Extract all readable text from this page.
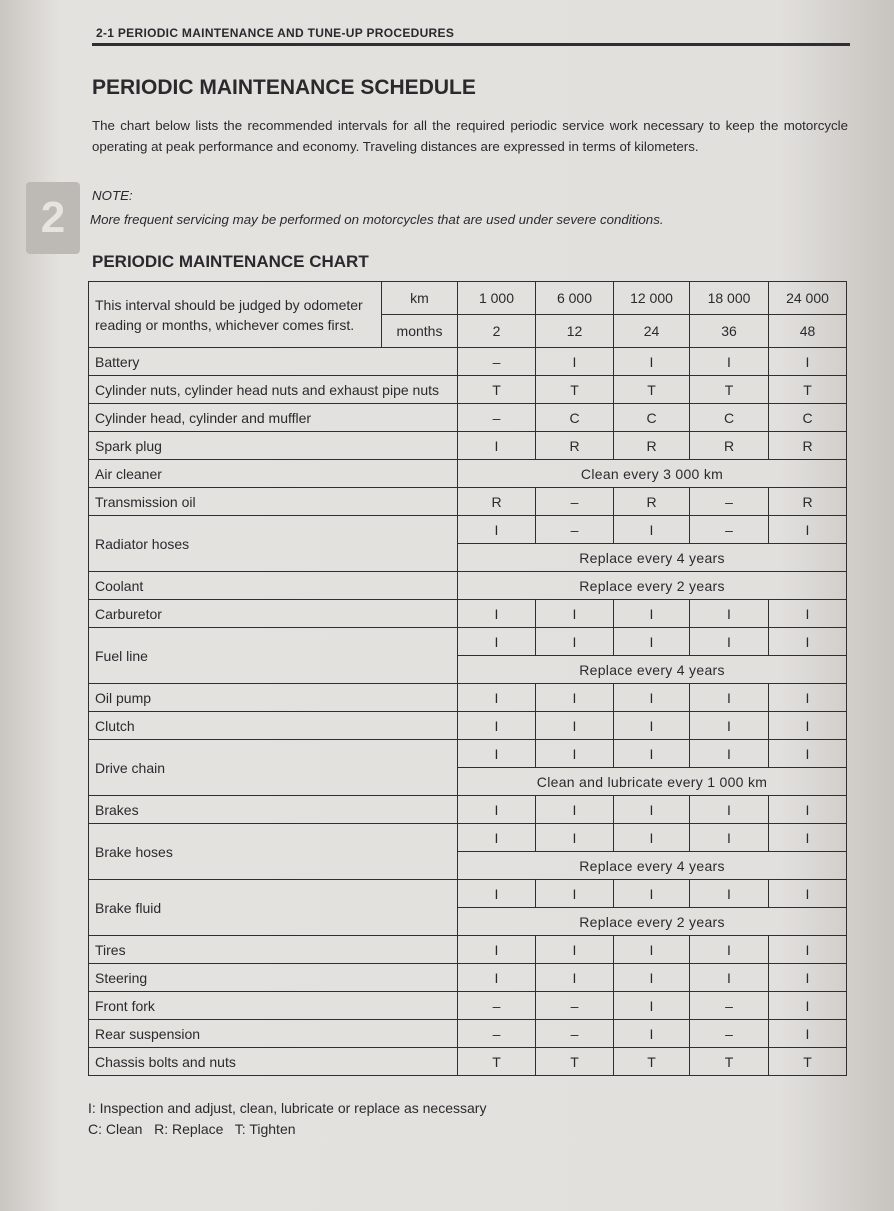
2
2-1 PERIODIC MAINTENANCE AND TUNE-UP PROCEDURES
PERIODIC MAINTENANCE SCHEDULE

The chart below lists the recommended intervals for all the required periodic service work necessary to keep the motorcycle operating at peak performance and economy. Traveling distances are expressed in terms of kilometers.

NOTE:
More frequent servicing may be performed on motorcycles that are used under severe conditions.
PERIODIC MAINTENANCE CHART
This interval should be judged by odometer reading or months, whichever comes first.	km	1 000	6 000	12 000	18 000	24 000
	months	2	12	24	36	48
Battery		–	I	I	I	I
Cylinder nuts, cylinder head nuts and exhaust pipe nuts		T	T	T	T	T
Cylinder head, cylinder and muffler		–	C	C	C	C
Spark plug		I	R	R	R	R
Air cleaner		Clean every 3 000 km				
Transmission oil		R	–	R	–	R
Radiator hoses		I	–	I	–	I
		Replace every 4 years				
Coolant		Replace every 2 years				
Carburetor		I	I	I	I	I
Fuel line		I	I	I	I	I
		Replace every 4 years				
Oil pump		I	I	I	I	I
Clutch		I	I	I	I	I
Drive chain		I	I	I	I	I
		Clean and lubricate every 1 000 km				
Brakes		I	I	I	I	I
Brake hoses		I	I	I	I	I
		Replace every 4 years				
Brake fluid		I	I	I	I	I
		Replace every 2 years				
Tires		I	I	I	I	I
Steering		I	I	I	I	I
Front fork		–	–	I	–	I
Rear suspension		–	–	I	–	I
Chassis bolts and nuts		T	T	T	T	T
I: Inspection and adjust, clean, lubricate or replace as necessary
C: Clean   R: Replace   T: Tighten
